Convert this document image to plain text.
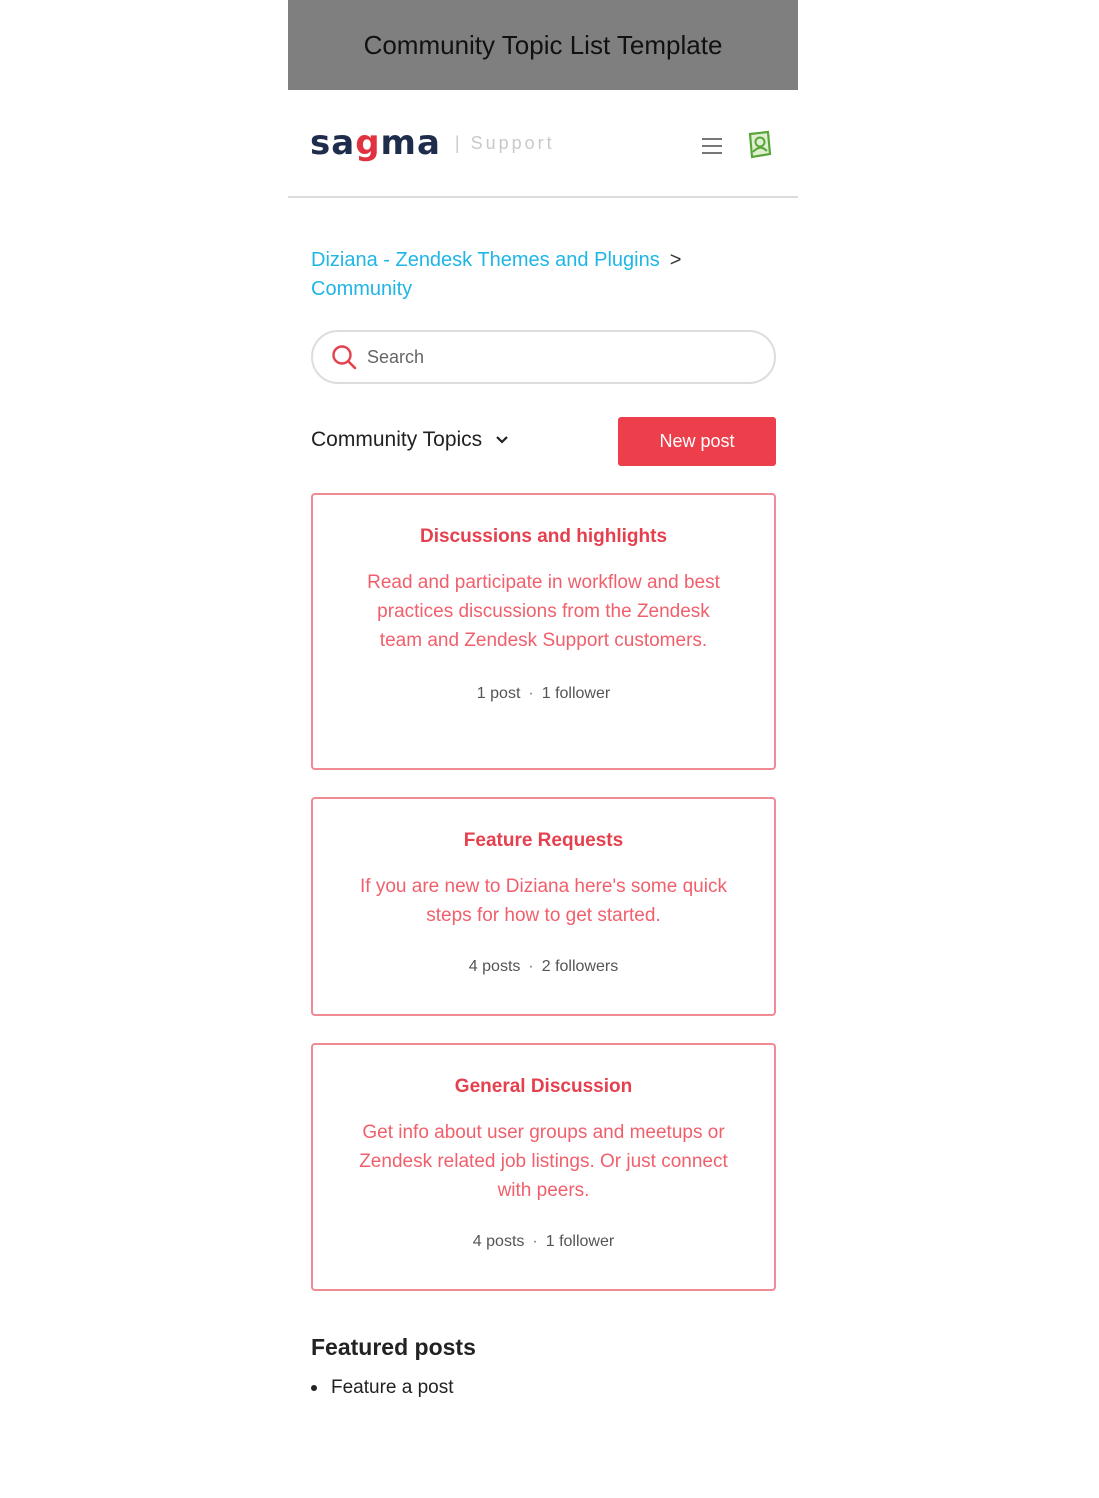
Community Topic List Template
sagma | Support
Diziana - Zendesk Themes and Plugins >
Community
Search
Community Topics	New post
Discussions and highlights
Read and participate in workflow and best practices discussions from the Zendesk team and Zendesk Support customers.
1 post · 1 follower
Feature Requests
If you are new to Diziana here's some quick steps for how to get started.
4 posts · 2 followers
General Discussion
Get info about user groups and meetups or Zendesk related job listings. Or just connect with peers.
4 posts · 1 follower
Featured posts
Feature a post
